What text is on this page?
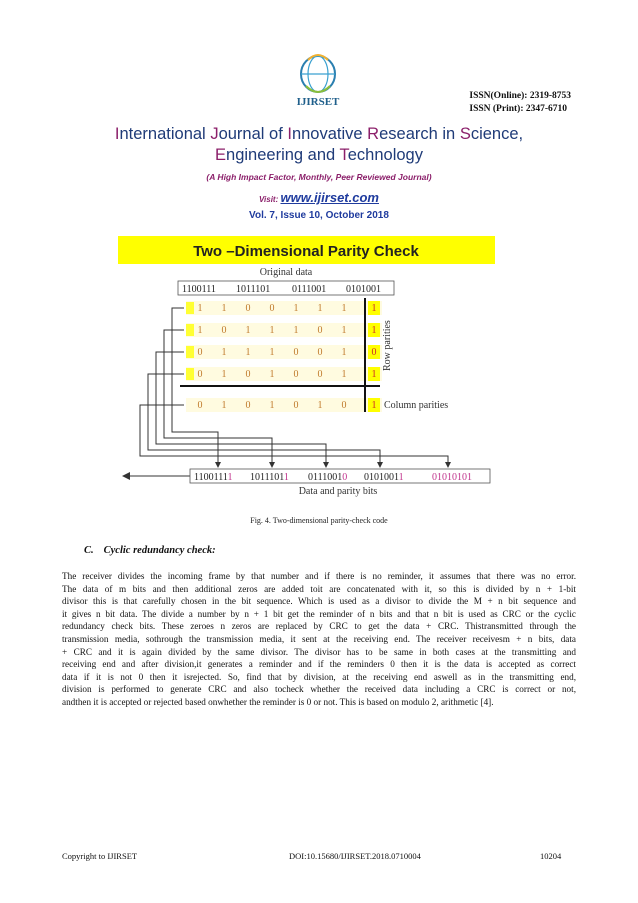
IJIRSET	ISSN(Online): 2319-8753
ISSN (Print): 2347-6710
International Journal of Innovative Research in Science,
Engineering and Technology
(A High Impact Factor, Monthly, Peer Reviewed Journal)
Visit: www.ijirset.com
Vol. 7, Issue 10, October 2018
Two –Dimensional Parity Check
Original data
1100111 1011101 0111001 0101001
1 1 0 0 1 1 1	1
1 0 1 1 1 0 1	1
0 1 1 1 0 0 1	0
0 1 0 1 0 0 1	1
0 1 0 1 0 1 0	1
Row parities
Column parities
11001111 10111011 01110010 01010011	01010101
Data and parity bits
Fig. 4. Two-dimensional parity-check code
C. Cyclic redundancy check:
The receiver divides the incoming frame by that number and if there is no reminder, it assumes that there was no error.
The data of m bits and then additional zeros are added toit are concatenated with it, so this is divided by n + 1-bit
divisor this is that carefully chosen in the bit sequence. Which is used as a divisor to divide the M + n bit sequence and
it gives n bit data. The divide a number by n + 1 bit get the reminder of n bits and that n bit is used as CRC or the cyclic
redundancy check bits. These zeroes n zeros are replaced by CRC to get the data + CRC. Thistransmitted through the
transmission media, sothrough the transmission media, it sent at the receiving end. The receiver receivesm + n bits, data
+ CRC and it is again divided by the same divisor. The divisor has to be same in both cases at the transmitting and
receiving end and after division,it generates a reminder and if the reminders 0 then it is the data is accepted as correct
data if it is not 0 then it isrejected. So, find that by division, at the receiving end aswell as in the transmitting end,
division is performed to generate CRC and also tocheck whether the received data including a CRC is correct or not,
andthen it is accepted or rejected based onwhether the reminder is 0 or not. This is based on modulo 2, arithmetic [4].
Copyright to IJIRSET	DOI:10.15680/IJIRSET.2018.0710004	10204
